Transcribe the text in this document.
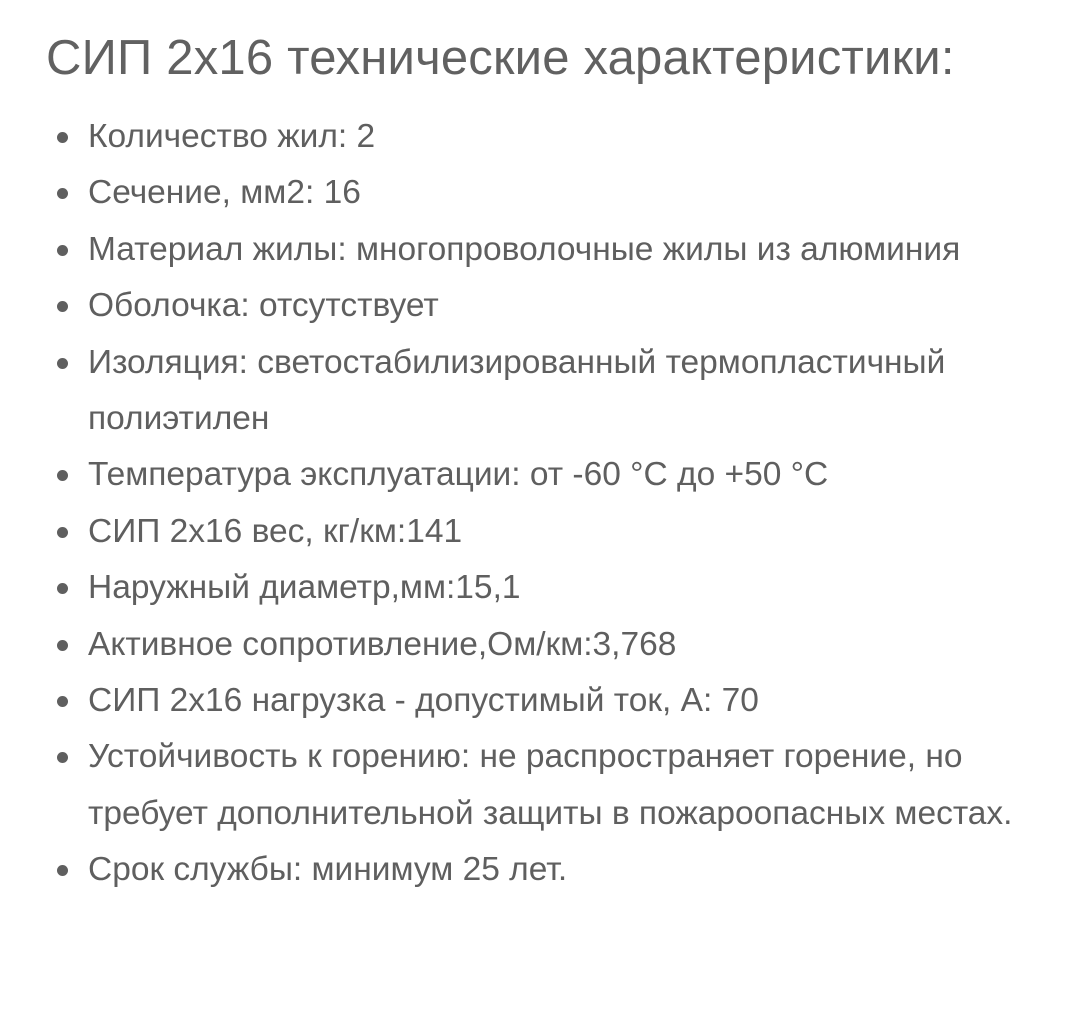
СИП 2х16 технические характеристики:
Количество жил: 2
Сечение, мм2: 16
Материал жилы: многопроволочные жилы из алюминия
Оболочка: отсутствует
Изоляция: светостабилизированный термопластичный полиэтилен
Температура эксплуатации: от -60 °C до +50 °C
СИП 2х16 вес, кг/км:141
Наружный диаметр,мм:15,1
Активное сопротивление,Ом/км:3,768
СИП 2х16 нагрузка - допустимый ток, А: 70
Устойчивость к горению: не распространяет горение, но требует дополнительной защиты в пожароопасных местах.
Срок службы: минимум 25 лет.
